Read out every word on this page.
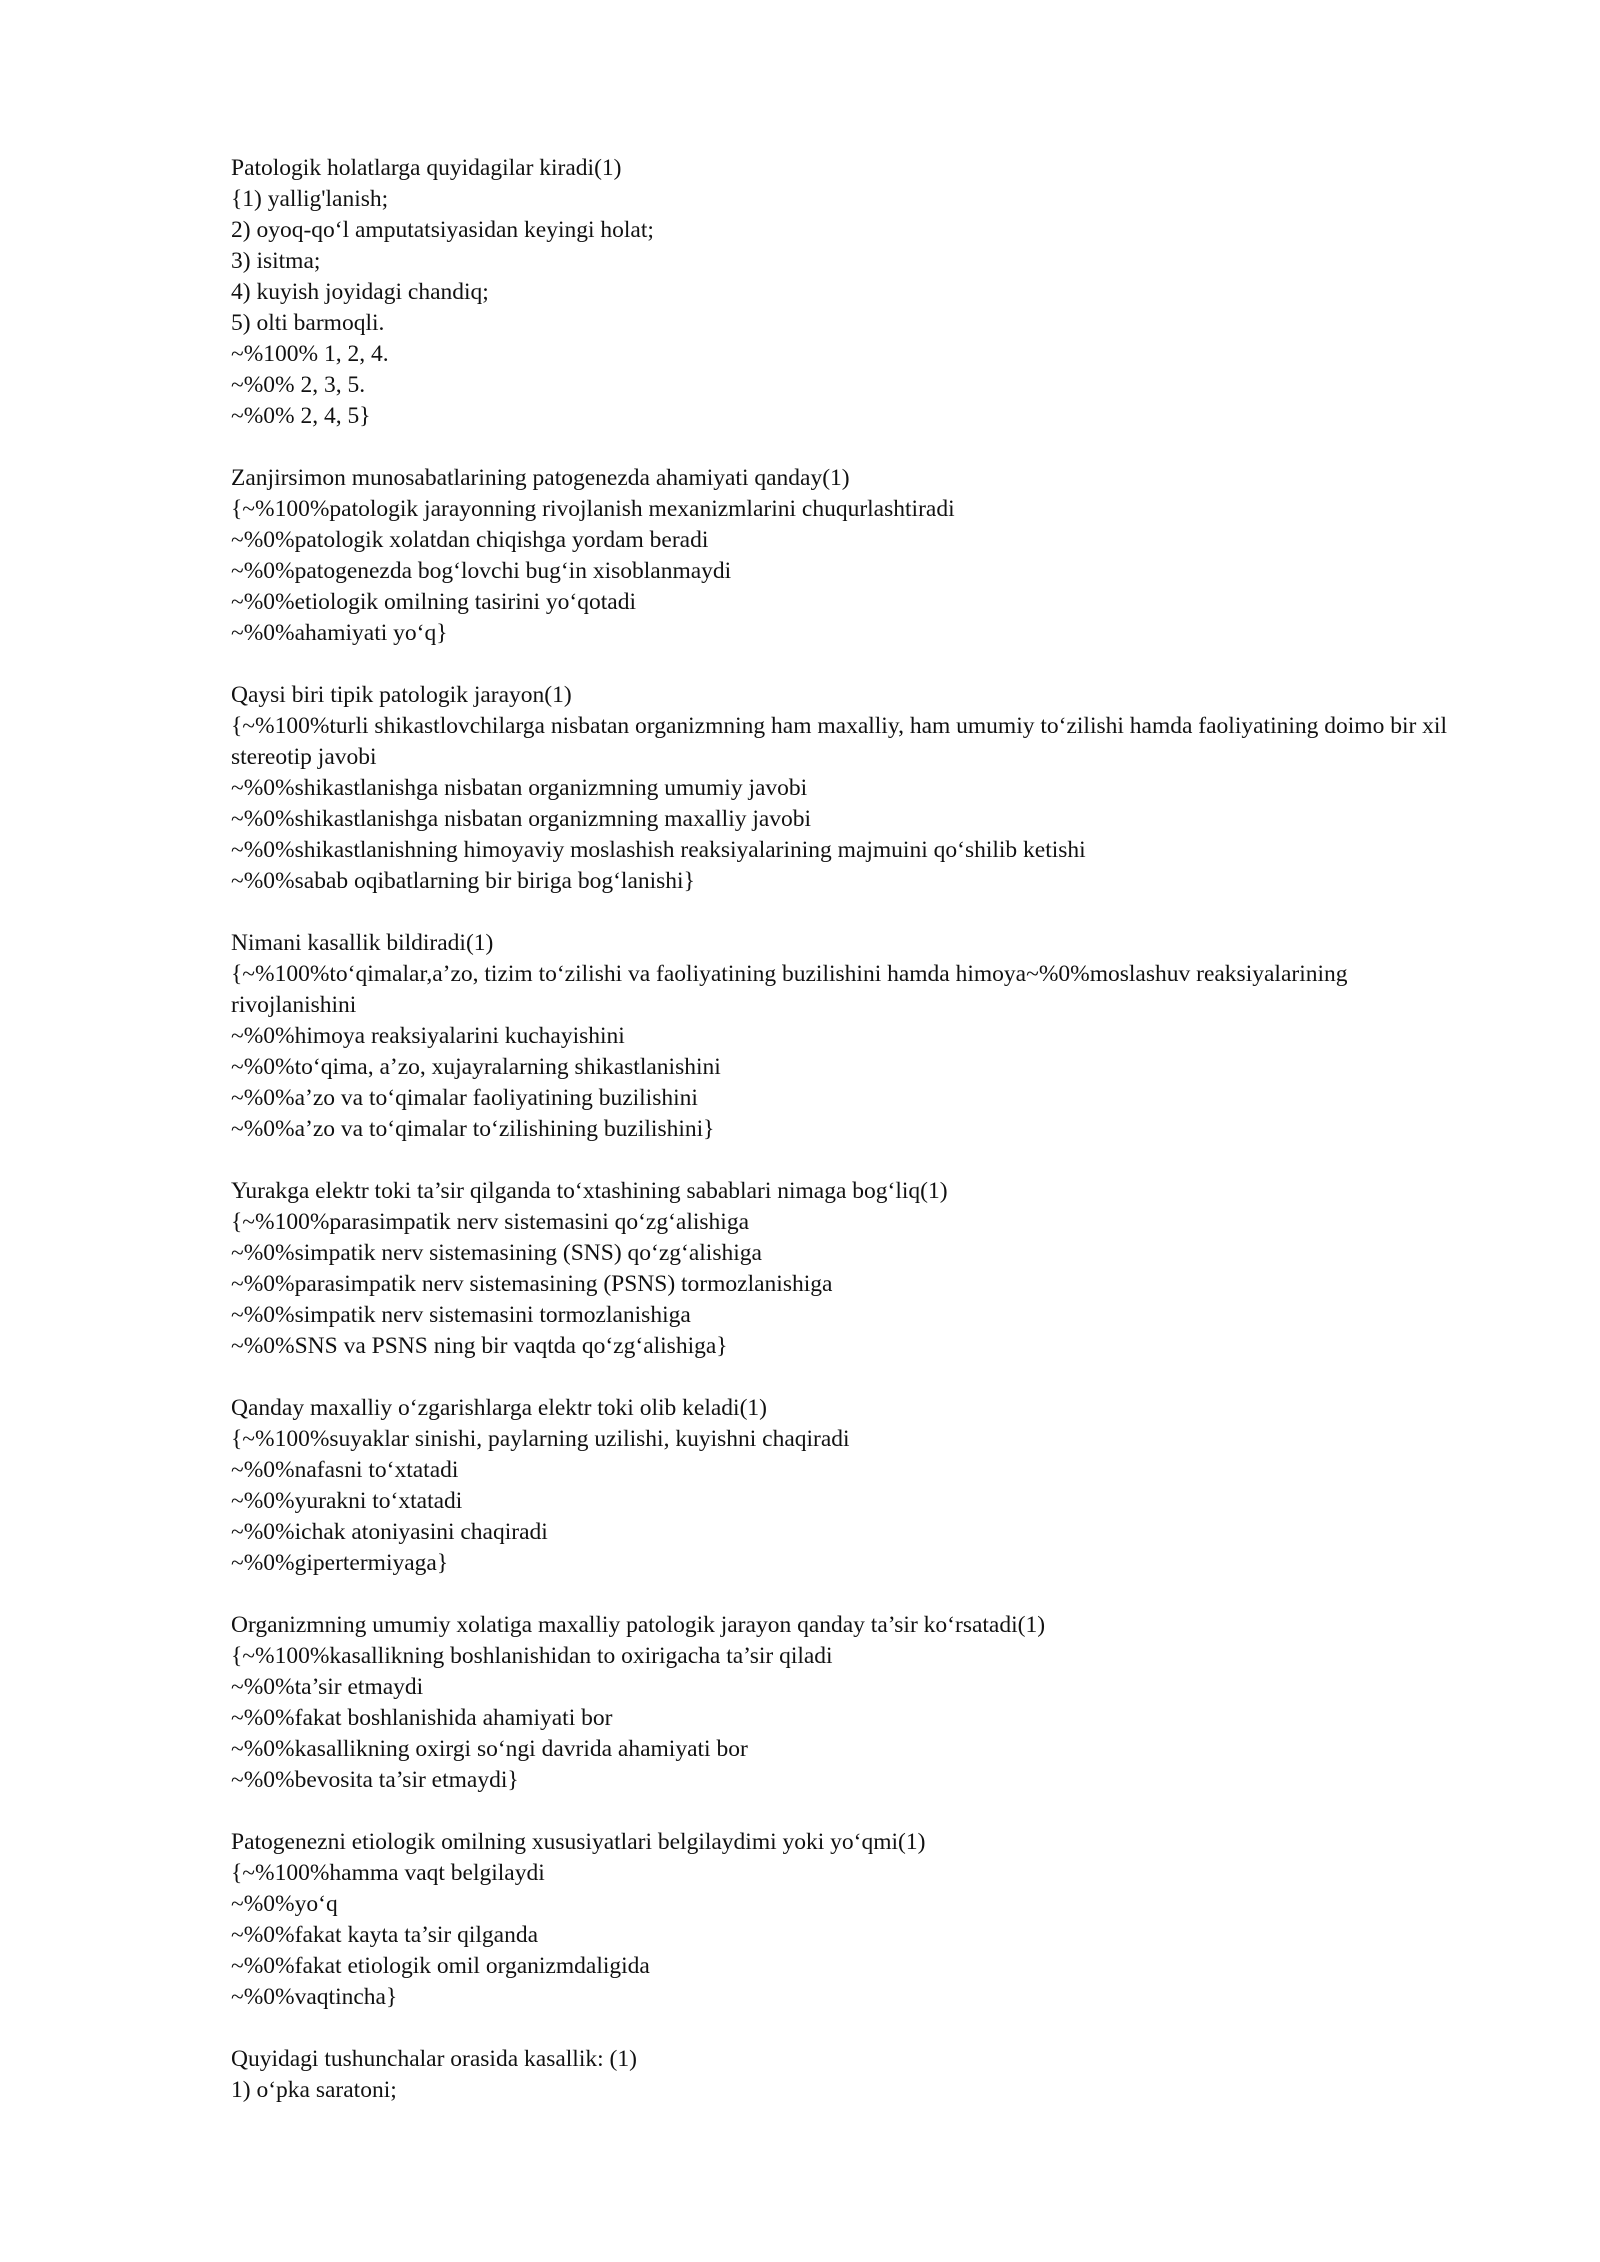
Patologik holatlarga quyidagilar kiradi(1)
{1) yallig'lanish;
2) oyoq-qo‘l amputatsiyasidan keyingi holat;
3) isitma;
4) kuyish joyidagi chandiq;
5) olti barmoqli.
~%100% 1, 2, 4.
~%0% 2, 3, 5.
~%0% 2, 4, 5}
Zanjirsimon munosabatlarining patogenezda ahamiyati qanday(1)
{~%100%patologik jarayonning rivojlanish mexanizmlarini chuqurlashtiradi
~%0%patologik xolatdan chiqishga yordam beradi
~%0%patogenezda bog‘lovchi bug‘in xisoblanmaydi
~%0%etiologik omilning tasirini yo‘qotadi
~%0%ahamiyati yo‘q}
Qaysi biri tipik patologik jarayon(1)
{~%100%turli shikastlovchilarga nisbatan organizmning ham maxalliy, ham umumiy to‘zilishi hamda faoliyatining doimo bir xil stereotip javobi
~%0%shikastlanishga nisbatan organizmning umumiy javobi
~%0%shikastlanishga nisbatan organizmning maxalliy javobi
~%0%shikastlanishning himoyaviy moslashish reaksiyalarining majmuini qo‘shilib ketishi
~%0%sabab oqibatlarning bir biriga bog‘lanishi}
Nimani kasallik bildiradi(1)
{~%100%to‘qimalar,a’zo, tizim to‘zilishi va faoliyatining buzilishini hamda himoya~%0%moslashuv reaksiyalarining rivojlanishini
~%0%himoya reaksiyalarini kuchayishini
~%0%to‘qima, a’zo, xujayralarning shikastlanishini
~%0%a’zo va to‘qimalar faoliyatining buzilishini
~%0%a’zo va to‘qimalar to‘zilishining buzilishini}
Yurakga elektr toki ta’sir qilganda to‘xtashining sabablari nimaga bog‘liq(1)
{~%100%parasimpatik nerv sistemasini qo‘zg‘alishiga
~%0%simpatik nerv sistemasining (SNS) qo‘zg‘alishiga
~%0%parasimpatik nerv sistemasining (PSNS) tormozlanishiga
~%0%simpatik nerv sistemasini tormozlanishiga
~%0%SNS va PSNS ning bir vaqtda qo‘zg‘alishiga}
Qanday maxalliy o‘zgarishlarga elektr toki olib keladi(1)
{~%100%suyaklar sinishi, paylarning uzilishi, kuyishni chaqiradi
~%0%nafasni to‘xtatadi
~%0%yurakni to‘xtatadi
~%0%ichak atoniyasini chaqiradi
~%0%gipertermiyaga}
Organizmning umumiy xolatiga maxalliy patologik jarayon qanday ta’sir ko‘rsatadi(1)
{~%100%kasallikning boshlanishidan to oxirigacha ta’sir qiladi
~%0%ta’sir etmaydi
~%0%fakat boshlanishida ahamiyati bor
~%0%kasallikning oxirgi so‘ngi davrida ahamiyati bor
~%0%bevosita ta’sir etmaydi}
Patogenezni etiologik omilning xususiyatlari belgilaydimi yoki yo‘qmi(1)
{~%100%hamma vaqt belgilaydi
~%0%yo‘q
~%0%fakat kayta ta’sir qilganda
~%0%fakat etiologik omil organizmdaligida
~%0%vaqtincha}
Quyidagi tushunchalar orasida kasallik: (1)
1) o‘pka saratoni;
